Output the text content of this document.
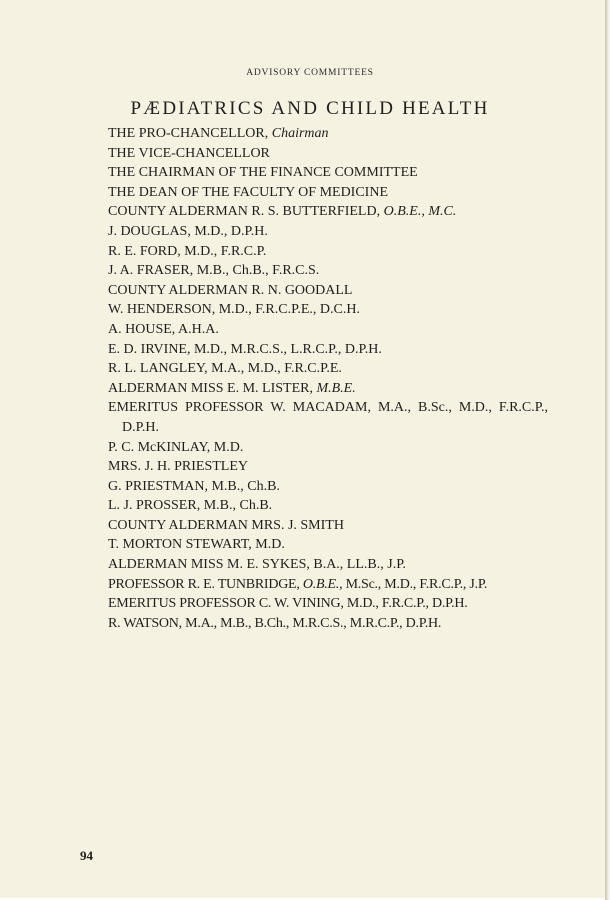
ADVISORY COMMITTEES
PÆDIATRICS AND CHILD HEALTH
THE PRO-CHANCELLOR, Chairman
THE VICE-CHANCELLOR
THE CHAIRMAN OF THE FINANCE COMMITTEE
THE DEAN OF THE FACULTY OF MEDICINE
COUNTY ALDERMAN R. S. BUTTERFIELD, O.B.E., M.C.
J. DOUGLAS, M.D., D.P.H.
R. E. FORD, M.D., F.R.C.P.
J. A. FRASER, M.B., Ch.B., F.R.C.S.
COUNTY ALDERMAN R. N. GOODALL
W. HENDERSON, M.D., F.R.C.P.E., D.C.H.
A. HOUSE, A.H.A.
E. D. IRVINE, M.D., M.R.C.S., L.R.C.P., D.P.H.
R. L. LANGLEY, M.A., M.D., F.R.C.P.E.
ALDERMAN MISS E. M. LISTER, M.B.E.
EMERITUS PROFESSOR W. MACADAM, M.A., B.Sc., M.D., F.R.C.P., D.P.H.
P. C. McKINLAY, M.D.
MRS. J. H. PRIESTLEY
G. PRIESTMAN, M.B., Ch.B.
L. J. PROSSER, M.B., Ch.B.
COUNTY ALDERMAN MRS. J. SMITH
T. MORTON STEWART, M.D.
ALDERMAN MISS M. E. SYKES, B.A., LL.B., J.P.
PROFESSOR R. E. TUNBRIDGE, O.B.E., M.Sc., M.D., F.R.C.P., J.P.
EMERITUS PROFESSOR C. W. VINING, M.D., F.R.C.P., D.P.H.
R. WATSON, M.A., M.B., B.Ch., M.R.C.S., M.R.C.P., D.P.H.
94
